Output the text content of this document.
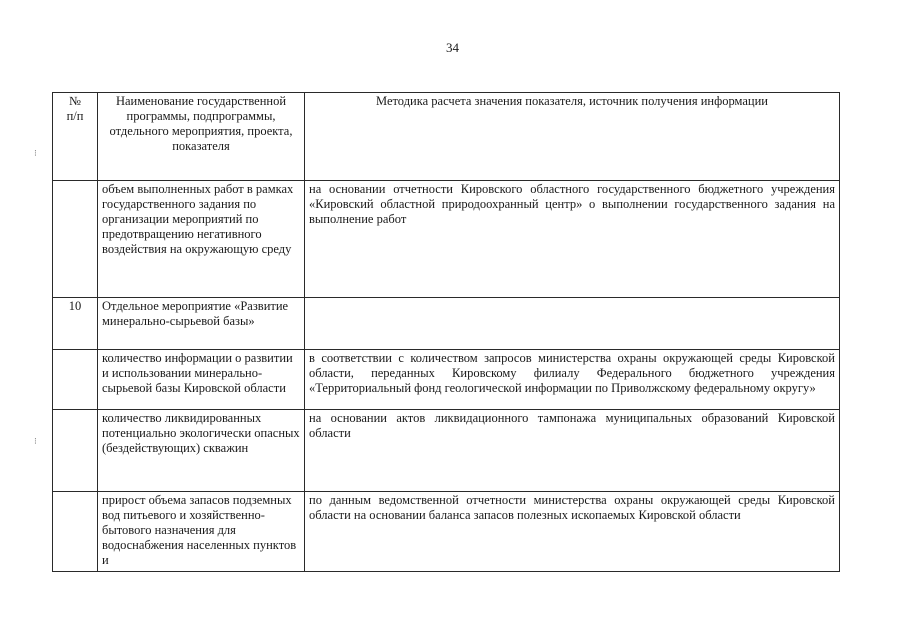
34
⁝
⁝
№
п/п	Наименование государственной программы, подпрограммы, отдельного мероприятия, проекта, показателя	Методика расчета значения показателя, источник получения информации
	объем выполненных работ в рамках государственного задания по организации мероприятий по предотвращению негативного воздействия на окружающую среду	на основании отчетности Кировского областного государственного бюджетного учреждения «Кировский областной природоохранный центр» о выполнении государственного задания на выполнение работ
10	Отдельное мероприятие «Развитие минерально-сырьевой базы»	
	количество информации о развитии и использовании минерально-сырьевой базы Кировской области	в соответствии с количеством запросов министерства охраны окружающей среды Кировской области, переданных Кировскому филиалу Федерального бюджетного учреждения «Территориальный фонд геологической информации по Приволжскому федеральному округу»
	количество ликвидированных потенциально экологически опасных (бездействующих) скважин	на основании актов ликвидационного тампонажа муниципальных образований Кировской области
	прирост объема запасов подземных вод питьевого и хозяйственно-бытового назначения для водоснабжения населенных пунктов и	по данным ведомственной отчетности министерства охраны окружающей среды Кировской области на основании баланса запасов полезных ископаемых Кировской области
